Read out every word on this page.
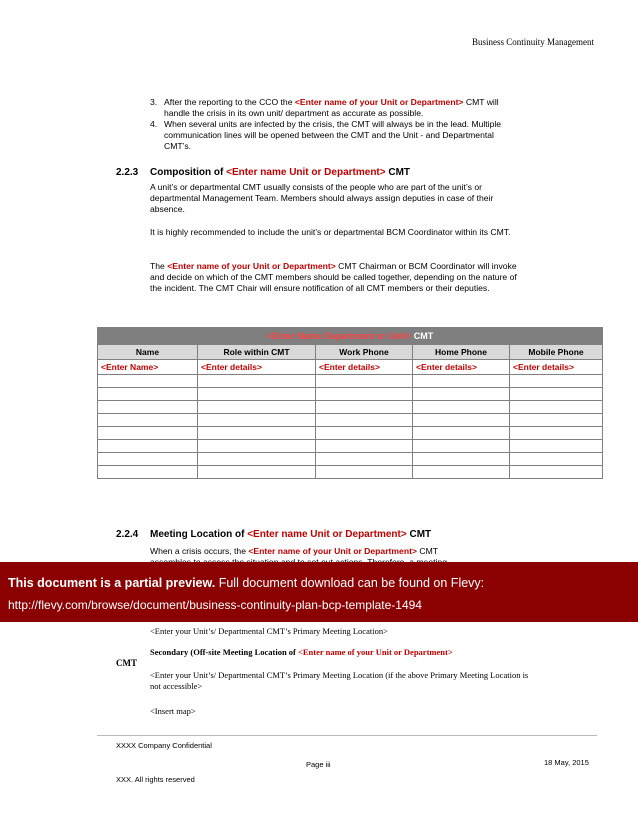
Business Continuity Management
3. After the reporting to the CCO the <Enter name of your Unit or Department> CMT will handle the crisis in its own unit/ department as accurate as possible.
4. When several units are infected by the crisis, the CMT will always be in the lead. Multiple communication lines will be opened between the CMT and the Unit - and Departmental CMT’s.
2.2.3 Composition of <Enter name Unit or Department> CMT
A unit’s or departmental CMT usually consists of the people who are part of the unit’s or departmental Management Team. Members should always assign deputies in case of their absence.
It is highly recommended to include the unit’s or departmental BCM Coordinator within its CMT.
The <Enter name of your Unit or Department> CMT Chairman or BCM Coordinator will invoke and decide on which of the CMT members should be called together, depending on the nature of the incident. The CMT Chair will ensure notification of all CMT members or their deputies.
<Enter Name Department or Unit> CMT				
Name	Role within CMT	Work Phone	Home Phone	Mobile Phone
<Enter Name>	<Enter details>	<Enter details>	<Enter details>	<Enter details>

2.2.4 Meeting Location of <Enter name Unit or Department> CMT
When a crisis occurs, the <Enter name of your Unit or Department> CMT

This document is a partial preview. Full document download can be found on Flevy:
http://flevy.com/browse/document/business-continuity-plan-bcp-template-1494
<Enter your Unit’s/ Departmental CMT’s Primary Meeting Location>
CMT
Secondary (Off-site Meeting Location of <Enter name of your Unit or Department>
<Enter your Unit’s/ Departmental CMT’s Primary Meeting Location (if the above Primary Meeting Location is not accessible>
<Insert map>
XXXX Company Confidential
Page iii	18 May, 2015
XXX. All rights reserved
